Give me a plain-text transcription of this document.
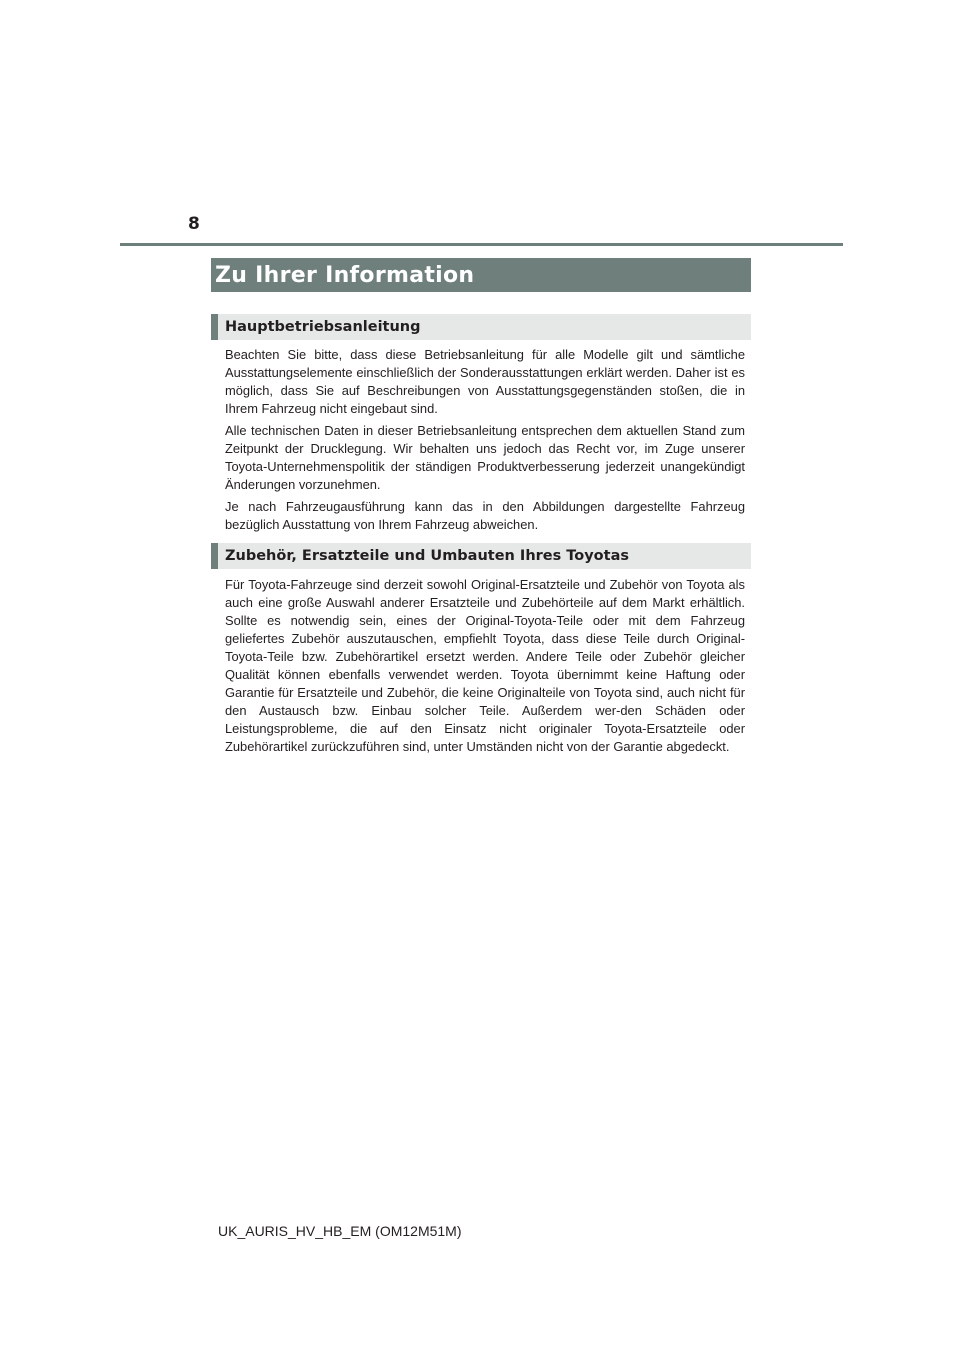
8
Zu Ihrer Information
Hauptbetriebsanleitung

Beachten Sie bitte, dass diese Betriebsanleitung für alle Modelle gilt und sämtliche Ausstattungselemente einschließlich der Sonderausstattungen erklärt werden. Daher ist es möglich, dass Sie auf Beschreibungen von Ausstattungsgegenständen stoßen, die in Ihrem Fahrzeug nicht eingebaut sind.

Alle technischen Daten in dieser Betriebsanleitung entsprechen dem aktuellen Stand zum Zeitpunkt der Drucklegung. Wir behalten uns jedoch das Recht vor, im Zuge unserer Toyota-Unternehmenspolitik der ständigen Produktverbesserung jederzeit unangekündigt Änderungen vorzunehmen.

Je nach Fahrzeugausführung kann das in den Abbildungen dargestellte Fahrzeug bezüglich Ausstattung von Ihrem Fahrzeug abweichen.

Zubehör, Ersatzteile und Umbauten Ihres Toyotas

Für Toyota-Fahrzeuge sind derzeit sowohl Original-Ersatzteile und Zubehör von Toyota als auch eine große Auswahl anderer Ersatzteile und Zubehörteile auf dem Markt erhältlich. Sollte es notwendig sein, eines der Original-Toyota-Teile oder mit dem Fahrzeug geliefertes Zubehör auszutauschen, empfiehlt Toyota, dass diese Teile durch Original-Toyota-Teile bzw. Zubehörartikel ersetzt werden. Andere Teile oder Zubehör gleicher Qualität können ebenfalls verwendet werden. Toyota übernimmt keine Haftung oder Garantie für Ersatzteile und Zubehör, die keine Originalteile von Toyota sind, auch nicht für den Austausch bzw. Einbau solcher Teile. Außerdem wer-den Schäden oder Leistungsprobleme, die auf den Einsatz nicht originaler Toyota-Ersatzteile oder Zubehörartikel zurückzuführen sind, unter Umständen nicht von der Garantie abgedeckt.

UK_AURIS_HV_HB_EM (OM12M51M)
